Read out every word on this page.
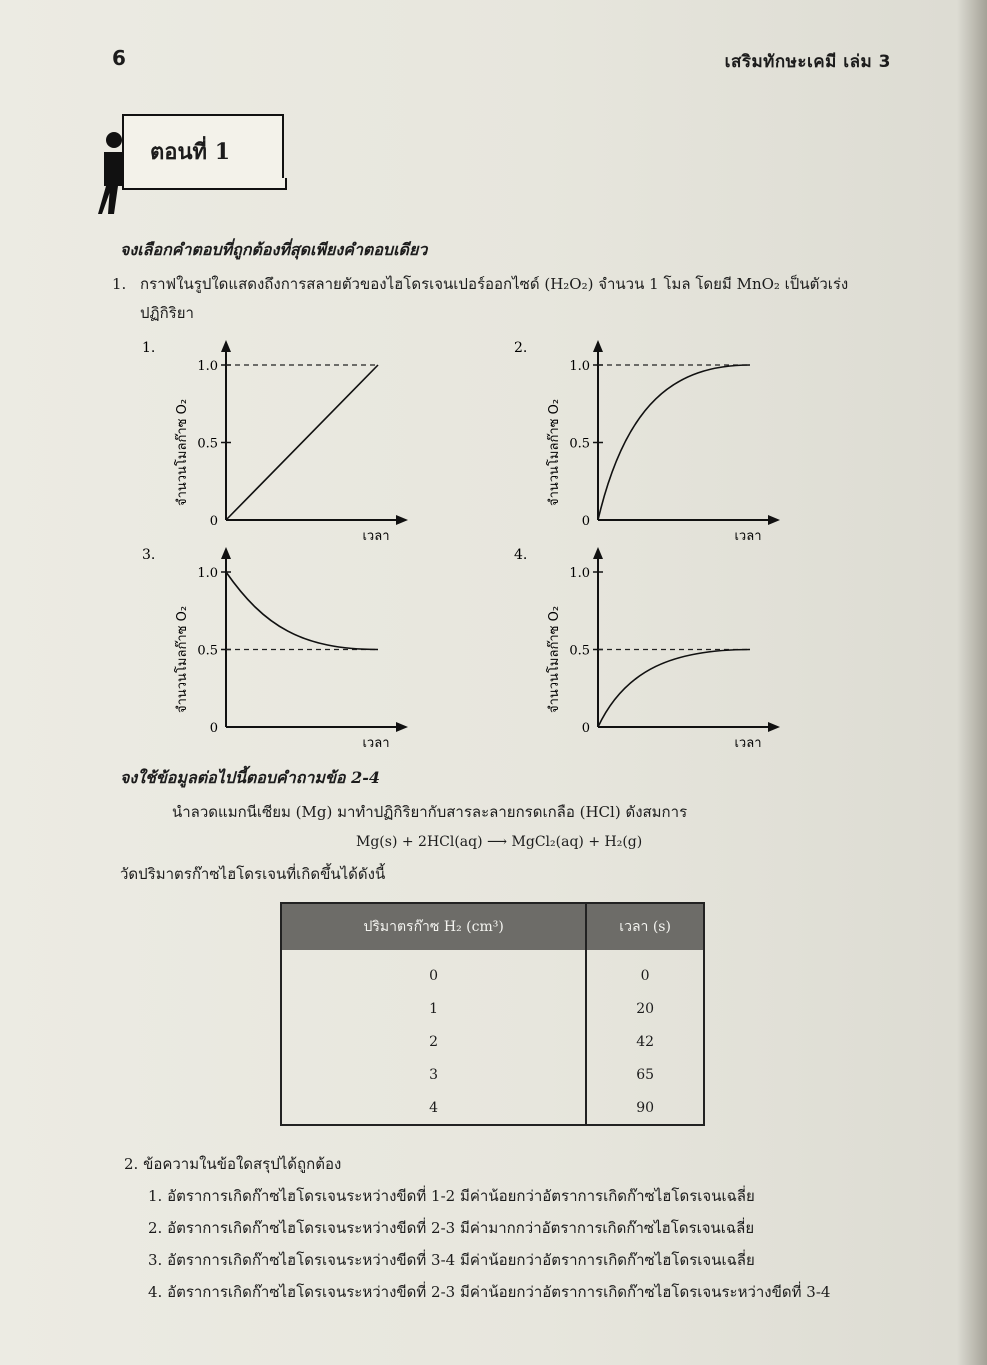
6	เสริมทักษะเคมี เล่ม 3
ตอนที่ 1
จงเลือกคำตอบที่ถูกต้องที่สุดเพียงคำตอบเดียว
1. กราฟในรูปใดแสดงถึงการสลายตัวของไฮโดรเจนเปอร์ออกไซด์ (H₂O₂) จำนวน 1 โมล โดยมี MnO₂ เป็นตัวเร่งปฏิกิริยา
1.
0
0.5
1.0
เวลา
จำนวนโมลก๊าซ O₂
2.
0
0.5
1.0
เวลา
จำนวนโมลก๊าซ O₂
3.
0
0.5
1.0
เวลา
จำนวนโมลก๊าซ O₂
4.
0
0.5
1.0
เวลา
จำนวนโมลก๊าซ O₂
จงใช้ข้อมูลต่อไปนี้ตอบคำถามข้อ 2-4
นำลวดแมกนีเซียม (Mg) มาทำปฏิกิริยากับสารละลายกรดเกลือ (HCl) ดังสมการ
Mg(s) + 2HCl(aq) ⟶ MgCl₂(aq) + H₂(g)
วัดปริมาตรก๊าซไฮโดรเจนที่เกิดขึ้นได้ดังนี้
ปริมาตรก๊าซ H₂ (cm³)	เวลา (s)
0	0
1	20
2	42
3	65
4	90
2. ข้อความในข้อใดสรุปได้ถูกต้อง
1. อัตราการเกิดก๊าซไฮโดรเจนระหว่างขีดที่ 1-2 มีค่าน้อยกว่าอัตราการเกิดก๊าซไฮโดรเจนเฉลี่ย
2. อัตราการเกิดก๊าซไฮโดรเจนระหว่างขีดที่ 2-3 มีค่ามากกว่าอัตราการเกิดก๊าซไฮโดรเจนเฉลี่ย
3. อัตราการเกิดก๊าซไฮโดรเจนระหว่างขีดที่ 3-4 มีค่าน้อยกว่าอัตราการเกิดก๊าซไฮโดรเจนเฉลี่ย
4. อัตราการเกิดก๊าซไฮโดรเจนระหว่างขีดที่ 2-3 มีค่าน้อยกว่าอัตราการเกิดก๊าซไฮโดรเจนระหว่างขีดที่ 3-4
